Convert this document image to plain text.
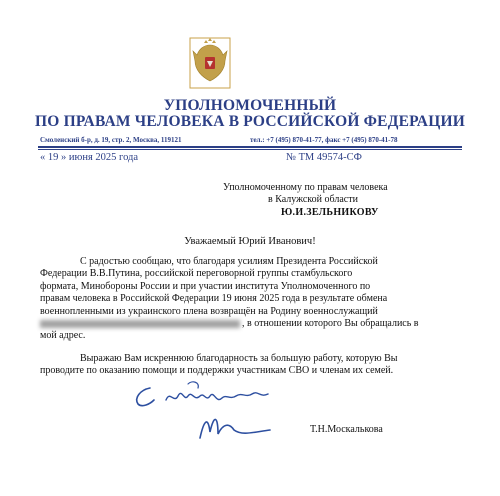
УПОЛНОМОЧЕННЫЙ
ПО ПРАВАМ ЧЕЛОВЕКА В РОССИЙСКОЙ ФЕДЕРАЦИИ
Смоленский б-р, д. 19, стр. 2, Москва, 119121	тел.: +7 (495) 870-41-77, факс +7 (495) 870-41-78
« 19 » июня 2025 года	№ ТМ 49574-СФ
Уполномоченному по правам человека
в Калужской области
Ю.И.ЗЕЛЬНИКОВУ
Уважаемый Юрий Иванович!

С радостью сообщаю, что благодаря усилиям Президента Российской
Федерации В.В.Путина, российской переговорной группы стамбульского
формата, Минобороны России и при участии института Уполномоченного по
правам человека в Российской Федерации 19 июня 2025 года в результате обмена
военнопленными из украинского плена возвращён на Родину военнослужащий
, в отношении которого Вы обращались в
мой адрес.

Выражаю Вам искреннюю благодарность за большую работу, которую Вы
проводите по оказанию помощи и поддержки участникам СВО и членам их семей.

Т.Н.Москалькова
